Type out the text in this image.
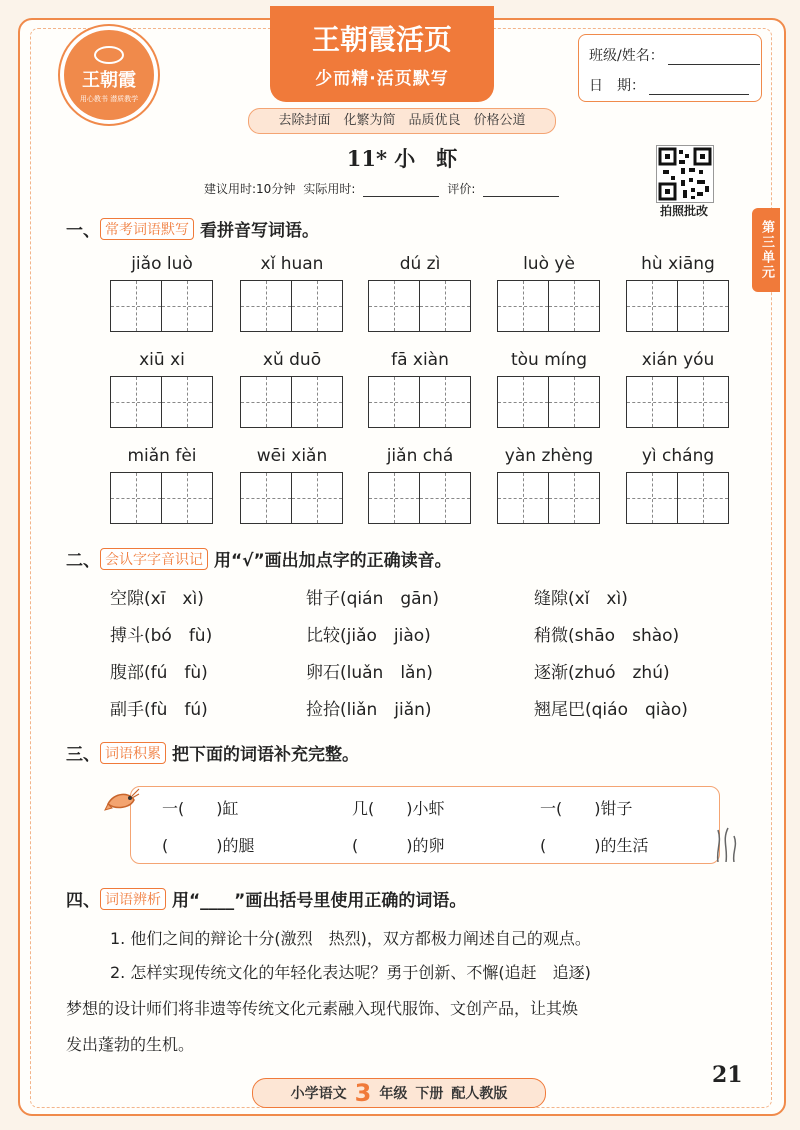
王朝霞
用心教书 潜质教学
王朝霞活页
少而精·活页默写
班级/姓名：
日　期：
去除封面　化繁为简　品质优良　价格公道
11* 小　虾
建议用时:10分钟 实际用时:	评价:
拍照批改
第三单元
一、 常考词语默写 看拼音写词语。
jiǎo luò	xǐ huan	dú zì	luò yè	hù xiāng
xiū xi	xǔ duō	fā xiàn	tòu míng	xián yóu
miǎn fèi	wēi xiǎn	jiǎn chá	yàn zhèng	yì cháng
二、 会认字字音识记 用“√”画出加点字的正确读音。
空隙(xī　xì)	钳子(qián　gān)	缝隙(xǐ　xì)
搏斗(bó　fù)	比较(jiǎo　jiào)	稍微(shāo　shào)
腹部(fú　fù)	卵石(luǎn　lǎn)	逐渐(zhuó　zhú)
副手(fù　fú)	捡拾(liǎn　jiǎn)	翘尾巴(qiáo　qiào)
三、 词语积累 把下面的词语补充完整。
一(　　)缸	几(　　)小虾	一(　　)钳子
(　　　)的腿	(　　　)的卵	(　　　)的生活
四、 词语辨析 用“____”画出括号里使用正确的词语。
1. 他们之间的辩论十分(激烈　热烈)，双方都极力阐述自己的观点。
2. 怎样实现传统文化的年轻化表达呢？勇于创新、不懈(追赶　追逐)
梦想的设计师们将非遗等传统文化元素融入现代服饰、文创产品，让其焕
发出蓬勃的生机。
21
小学语文 3 年级 下册 配人教版
